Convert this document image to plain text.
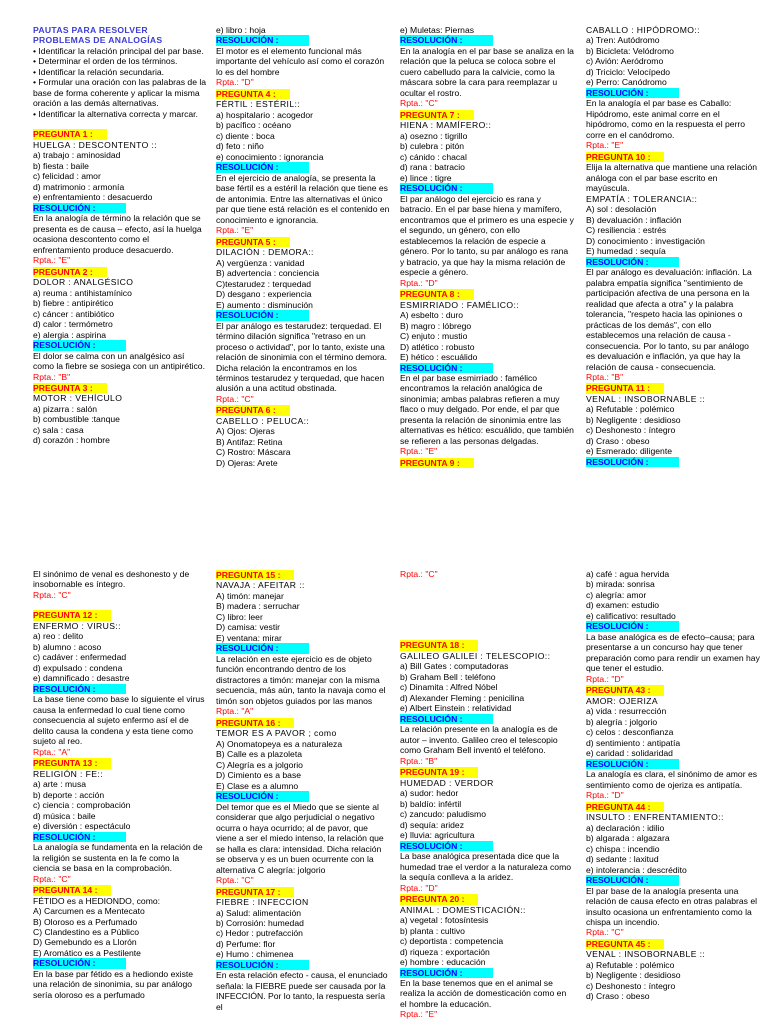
PAUTAS PARA RESOLVER PROBLEMAS DE ANALOGÍAS

• Identificar la relación principal del par base.

• Determinar el orden de los términos.

• Identificar la relación secundaria.

• Formular una oración con las palabras de la base de forma coherente y aplicar la misma oración a las demás alternativas.

• Identificar la alternativa correcta y marcar.

PREGUNTA 1 :

HUELGA : DESCONTENTO ::

a) trabajo : aminosidad

b) fiesta : baile

c) felicidad : amor

d) matrimonio : armonía

e) enfrentamiento : desacuerdo

RESOLUCIÓN :

En la analogía de término la relación que se presenta es de causa – efecto, así la huelga ocasiona descontento como el enfrentamiento produce desacuerdo.

Rpta.: "E"

PREGUNTA 2 :

DOLOR : ANALGÉSICO

a) reuma : antihistamínico

b) fiebre : antipirético

c) cáncer : antibiótico

d) calor : termómetro

e) alergia : aspirina

RESOLUCIÓN :

El dolor se calma con un analgésico así como la fiebre se sosiega con un antipirético.

Rpta.: "B"

PREGUNTA 3 :

MOTOR : VEHÍCULO

a) pizarra : salón

b) combustible :tanque

c) sala : casa

d) corazón : hombre

e) libro : hoja

RESOLUCIÓN :

El motor es el elemento funcional más importante del vehículo así como el corazón lo es del hombre

Rpta.: "D"

PREGUNTA 4 :

FÉRTIL : ESTÉRIL::

a) hospitalario : acogedor

b) pacífico : océano

c) diente : boca

d) feto : niño

e) conocimiento : ignorancia

RESOLUCIÓN :

En el ejercicio de analogía, se presenta la base fértil es a estéril la relación que tiene es de antonimia. Entre las alternativas el único par que tiene está relación es el contenido en conocimiento e ignorancia.

Rpta.: "E"

PREGUNTA 5 :

DILACIÓN : DEMORA::

A) vergüenza : vanidad

B) advertencia : conciencia

C)testarudez : terquedad

D) desgano : experiencia

E) aumento : disminución

RESOLUCIÓN :

El par análogo es testarudez: terquedad. El término dilación significa "retraso en un proceso o actividad", por lo tanto, existe una relación de sinonimia con el término demora. Dicha relación la encontramos en los términos testarudez y terquedad, que hacen alusión a una actitud obstinada.

Rpta.: "C"

PREGUNTA 6 :

CABELLO : PELUCA::

A) Ojos: Ojeras

B) Antifaz: Retina

C) Rostro: Máscara

D) Ojeras: Arete

e) Muletas: Piernas

RESOLUCIÓN :

En la analogía en el par base se analiza en la relación que la peluca se coloca sobre el cuero cabelludo para la calvicie, como la máscara sobre la cara para reemplazar u ocultar el rostro.

Rpta.: "C"

PREGUNTA 7 :

HIENA : MAMÍFERO::

a) osezno : tigrillo

b) culebra : pitón

c) cánido : chacal

d) rana : batracio

e) lince : tigre

RESOLUCIÓN :

El par análogo del ejercicio es rana y batracio. En el par base hiena y mamífero, encontramos que el primero es una especie y el segundo, un género, con ello establecemos la relación de especie a género. Por lo tanto, su par análogo es rana y batracio, ya que hay la misma relación de especie a género.

Rpta.: "D"

PREGUNTA 8 :

ESMIRRIADO : FAMÉLICO::

A) esbelto : duro

B) magro : lóbrego

C) enjuto : mustio

D) atlético : robusto

E) hético : escuálido

RESOLUCIÓN :

En el par base esmirriado : famélico encontramos la relación analógica de sinonimia; ambas palabras refieren a muy flaco o muy delgado. Por ende, el par que presenta la relación de sinonimia entre las alternativas es hético: escuálido, que también se refieren a las personas delgadas.

Rpta.: "E"

PREGUNTA 9 :

CABALLO : HIPÓDROMO::

a) Tren: Autódromo

b) Bicicleta: Velódromo

c) Avión: Aeródromo

d) Triciclo: Velocípedo

e) Perro: Canódromo

RESOLUCIÓN :

En la analogía el par base es Caballo: Hipódromo, este animal corre en el hipódromo, como en la respuesta el perro corre en el canódromo.

Rpta.: "E"

PREGUNTA 10 :

Elija la alternativa que mantiene una relación análoga con el par base escrito en mayúscula.

EMPATÍA : TOLERANCIA::

A) sol : desolación

B) devaluación : inflación

C) resiliencia : estrés

D) conocimiento : investigación

E) humedad : sequía

RESOLUCIÓN :

El par análogo es devaluación: inflación. La palabra empatía significa "sentimiento de participación afectiva de una persona en la realidad que afecta a otra" y la palabra tolerancia, "respeto hacia las opiniones o prácticas de los demás", con ello establecemos una relación de causa - consecuencia. Por lo tanto, su par análogo es devaluación e inflación, ya que hay la relación de causa - consecuencia.

Rpta.: "B"

PREGUNTA 11 :

VENAL : INSOBORNABLE ::

a) Refutable : polémico

b) Negligente : desidioso

c) Deshonesto : íntegro

d) Craso : obeso

e) Esmerado: diligente

RESOLUCIÓN :

El sinónimo de venal es deshonesto y de insobornable es íntegro.

Rpta.: "C"

PREGUNTA 12 :

ENFERMO : VIRUS::

a) reo : delito

b) alumno : acoso

c) cadáver : enfermedad

d) expulsado : condena

e) damnificado : desastre

RESOLUCIÓN :

La base tiene como base lo siguiente el virus causa la enfermedad lo cual tiene como consecuencia al sujeto enfermo así el de delito causa la condena y esta tiene como sujeto al reo.

Rpta.: "A"

PREGUNTA 13 :

RELIGIÓN : FE::

a) arte : musa

b) deporte : acción

c) ciencia : comprobación

d) música : baile

e) diversión : espectáculo

RESOLUCIÓN :

La analogía se fundamenta en la relación de la religión se sustenta en la fe como la ciencia se basa en la comprobación.

Rpta.: "C"

PREGUNTA 14 :

FÉTIDO es a HEDIONDO, como:

A) Carcumen es a Mentecato

B) Oloroso es a Perfumado

C) Clandestino es a Público

D) Gemebundo es a Llorón

E) Aromático es a Pestilente

RESOLUCIÓN :

En la base par fétido es a hediondo existe una relación de sinonimia, su par análogo sería oloroso es a perfumado

PREGUNTA 15 :

NAVAJA : AFEITAR ::

A) timón: manejar

B) madera : serruchar

C) libro: leer

D) camisa: vestir

E) ventana: mirar

RESOLUCIÓN :

La relación en este ejercicio es de objeto función encontrando dentro de los distractores a timón: manejar con la misma secuencia, más aún, tanto la navaja como el timón son objetos guiados por las manos

Rpta.: "A"

PREGUNTA 16 :

TEMOR ES A PAVOR ; como

A) Onomatopeya es a naturaleza

B) Calle es a plazoleta

C) Alegría es a jolgorio

D) Cimiento es a base

E) Clase es a alumno

RESOLUCIÓN :

Del temor que es el Miedo que se siente al considerar que algo perjudicial o negativo ocurra o haya ocurrido; al de pavor, que viene a ser el miedo intenso, la relación que se halla es clara: intensidad. Dicha relación se observa y es un buen ocurrente con la alternativa C alegría: jolgorio

Rpta.: "C"

PREGUNTA 17 :

FIEBRE : INFECCION

a) Salud: alimentación

b) Corrosión: humedad

c) Hedor : putrefacción

d) Perfume: flor

e) Humo : chimenea

RESOLUCIÓN :

En esta relación efecto - causa, el enunciado señala: la FIEBRE puede ser causada por la INFECCIÓN. Por lo tanto, la respuesta sería el

Rpta.: "C"

PREGUNTA 18 :

GALILEO GALILEI : TELESCOPIO::

a) Bill Gates : computadoras

b) Graham Bell : teléfono

c) Dinamita : Alfred Nóbel

d) Alexander Fleming : penicilina

e) Albert Einstein : relatividad

RESOLUCIÓN :

La relación presente en la analogía es de autor – invento. Galileo creo el telescopio como Graham Bell inventó el teléfono.

Rpta.: "B"

PREGUNTA 19 :

HUMEDAD : VERDOR

a) sudor: hedor

b) baldío: infértil

c) zancudo: paludismo

d) sequía: aridez

e) lluvia: agricultura

RESOLUCIÓN :

La base analógica presentada dice que la humedad trae el verdor a la naturaleza como la sequía conlleva a la aridez.

Rpta.: "D"

PREGUNTA 20 :

ANIMAL : DOMESTICACIÓN::

a) vegetal : fotosíntesis

b) planta : cultivo

c) deportista : competencia

d) riqueza : exportación

e) hombre : educación

RESOLUCIÓN :

En la base tenemos que en el animal se realiza la acción de domesticación como en el hombre la educación.

Rpta.: "E"

a) café : agua hervida

b) mirada: sonrisa

c) alegría: amor

d) examen: estudio

e) calificativo: resultado

RESOLUCIÓN :

La base analógica es de efecto–causa; para presentarse a un concurso hay que tener preparación como para rendir un examen hay que tener el estudio.

Rpta.: "D"

PREGUNTA 43 :

AMOR: OJERIZA

a) vida : resurrección

b) alegría : jolgorio

c) celos : desconfianza

d) sentimiento : antipatía

e) caridad : solidaridad

RESOLUCIÓN :

La analogía es clara, el sinónimo de amor es sentimiento como de ojeriza es antipatía.

Rpta.: "D"

PREGUNTA 44 :

INSULTO : ENFRENTAMIENTO::

a) declaración : idilio

b) algarada : algazara

c) chispa : incendio

d) sedante : laxitud

e) intolerancia : descrédito

RESOLUCIÓN :

El par base de la analogía presenta una relación de causa efecto en otras palabras el insulto ocasiona un enfrentamiento como la chispa un incendio.

Rpta.: "C"

PREGUNTA 45 :

VENAL : INSOBORNABLE ::

a) Refutable : polémico

b) Negligente : desidioso

c) Deshonesto : íntegro

d) Craso : obeso
